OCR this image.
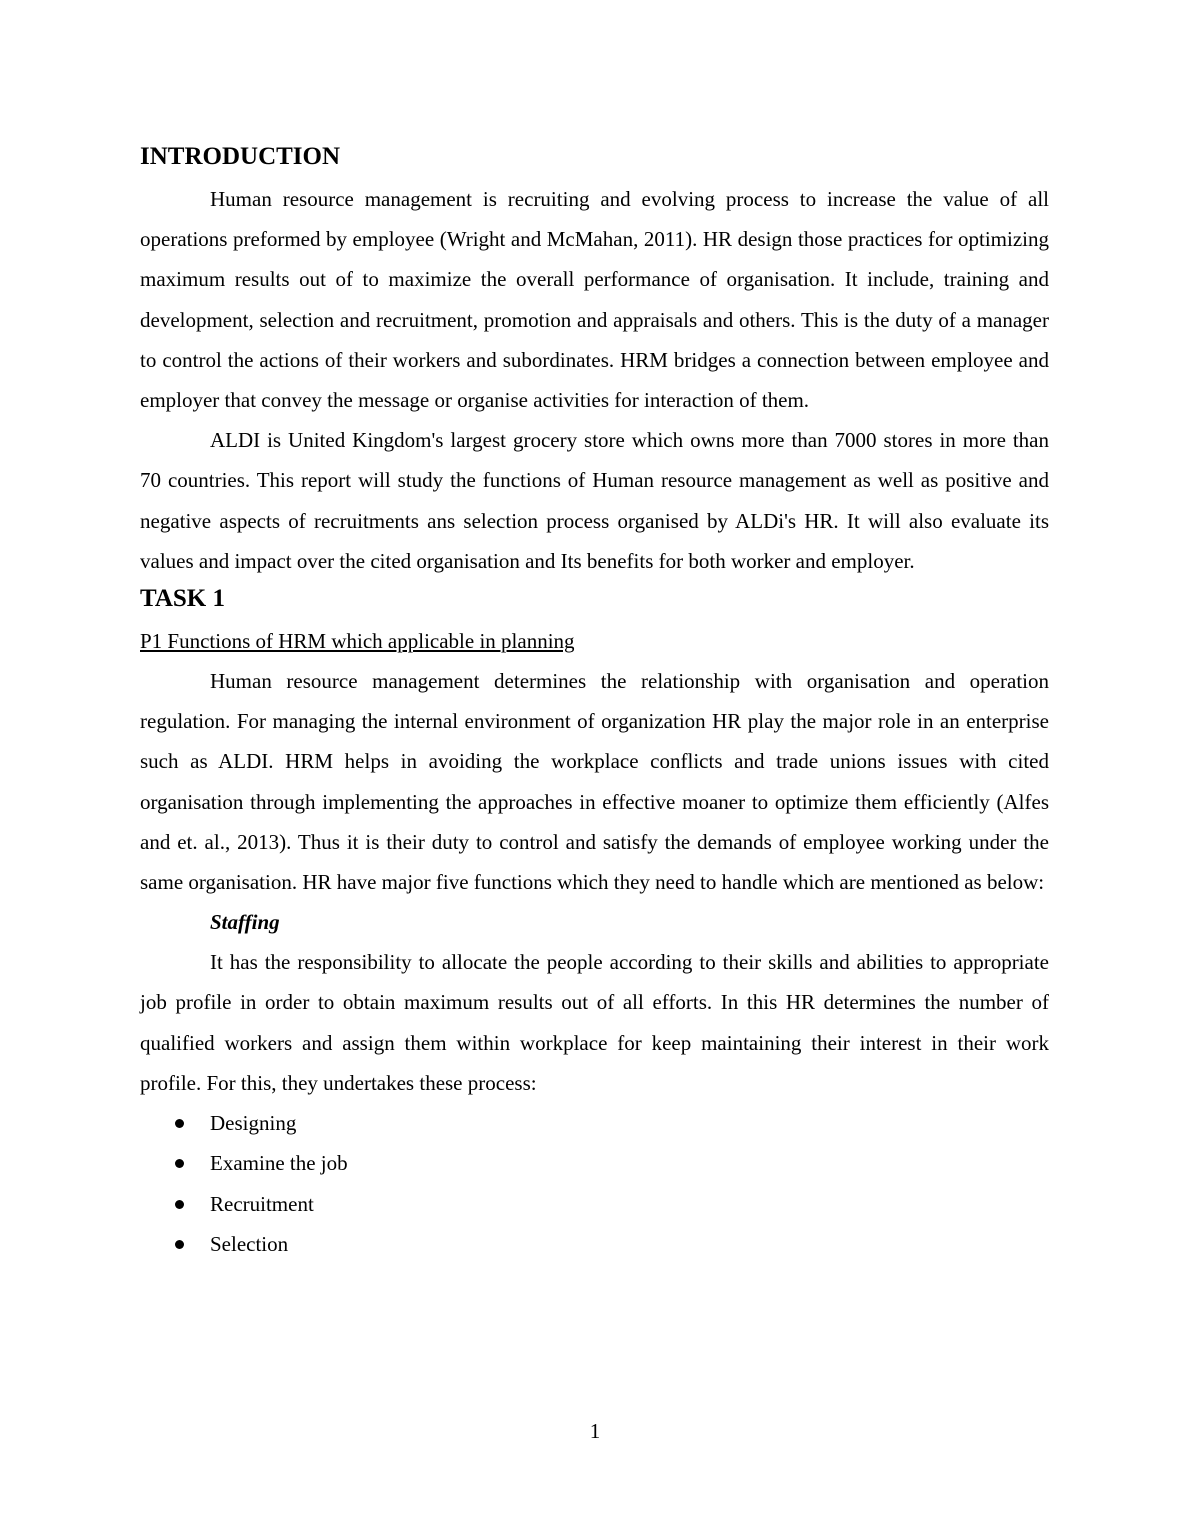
INTRODUCTION

Human resource management is recruiting and evolving process to increase the value of all operations preformed by employee (Wright and McMahan, 2011). HR design those practices for optimizing maximum results out of to maximize the overall performance of organisation. It include, training and development, selection and recruitment, promotion and appraisals and others. This is the duty of a manager to control the actions of their workers and subordinates. HRM bridges a connection between employee and employer that convey the message or organise activities for interaction of them.

ALDI is United Kingdom's largest grocery store which owns more than 7000 stores in more than 70 countries. This report will study the functions of Human resource management as well as positive and negative aspects of recruitments ans selection process organised by ALDi's HR. It will also evaluate its values and impact over the cited organisation and Its benefits for both worker and employer.

TASK 1
P1 Functions of HRM which applicable in planning

Human resource management determines the relationship with organisation and operation regulation. For managing the internal environment of organization HR play the major role in an enterprise such as ALDI. HRM helps in avoiding the workplace conflicts and trade unions issues with cited organisation through implementing the approaches in effective moaner to optimize them efficiently (Alfes and et. al., 2013). Thus it is their duty to control and satisfy the demands of employee working under the same organisation. HR have major five functions which they need to handle which are mentioned as below:

Staffing

It has the responsibility to allocate the people according to their skills and abilities to appropriate job profile in order to obtain maximum results out of all efforts. In this HR determines the number of qualified workers and assign them within workplace for keep maintaining their interest in their work profile. For this, they undertakes these process:

Designing
Examine the job
Recruitment
Selection
1
